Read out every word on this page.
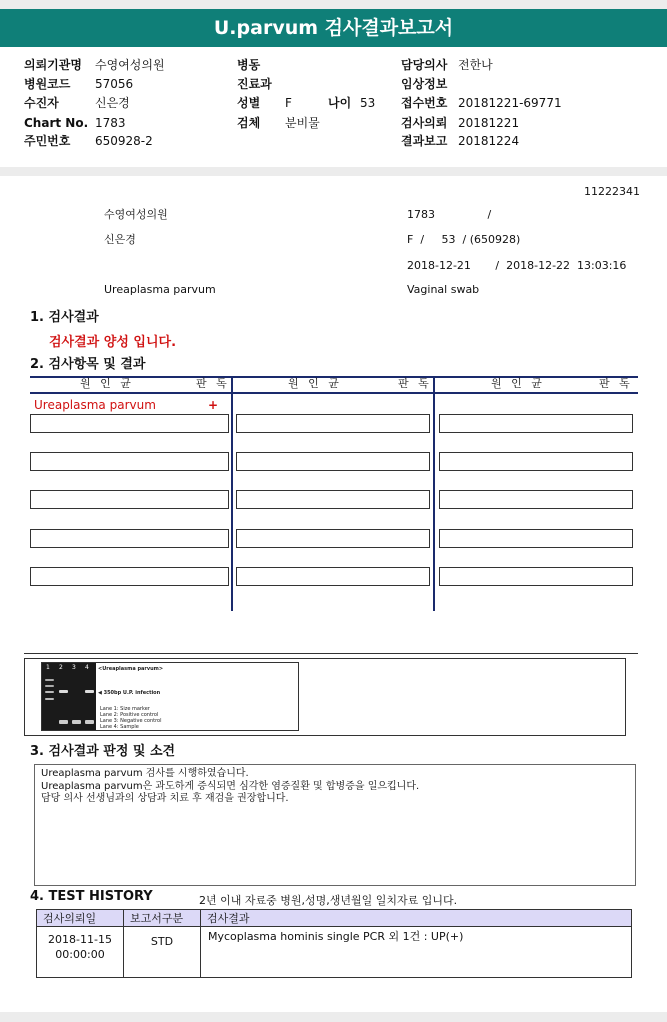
U.parvum 검사결과보고서
의뢰기관명 수영여성의원	병동	담당의사 전한나
병원코드 57056	진료과	임상정보
수진자	신은경	성별 F	나이 53 접수번호 20181221-69771
Chart No. 1783	검체 분비물	검사의뢰 20181221
주민번호 650928-2	결과보고 20181224
11222341
수영여성의원	1783               /
신은경	F  /     53  / (650928)
2018-12-21       /  2018-12-22  13:03:16
Ureaplasma parvum	Vaginal swab
1. 검사결과
검사결과 양성 입니다.
2. 검사항목 및 결과
원 인 균	판 독	원 인 균	판 독	원 인 균	판 독
Ureaplasma parvum	+
1 2 3 4 <Ureaplasma parvum>
◀ 350bp U.P. infection
Lane 1: Size marker
Lane 2: Positive control
Lane 3: Negative control
Lane 4: Sample
3. 검사결과 판정 및 소견
Ureaplasma parvum 검사를 시행하였습니다.
Ureaplasma parvum은 과도하게 증식되면 심각한 염증질환 및 합병증을 일으킵니다.
담당 의사 선생님과의 상담과 치료 후 재검을 권장합니다.
4. TEST HISTORY	2년 이내 자료중 병원,성명,생년월일 일치자료 입니다.
검사의뢰일	보고서구분	검사결과

2018-11-15
00:00:00	STD	Mycoplasma hominis single PCR 외 1건 : UP(+)
